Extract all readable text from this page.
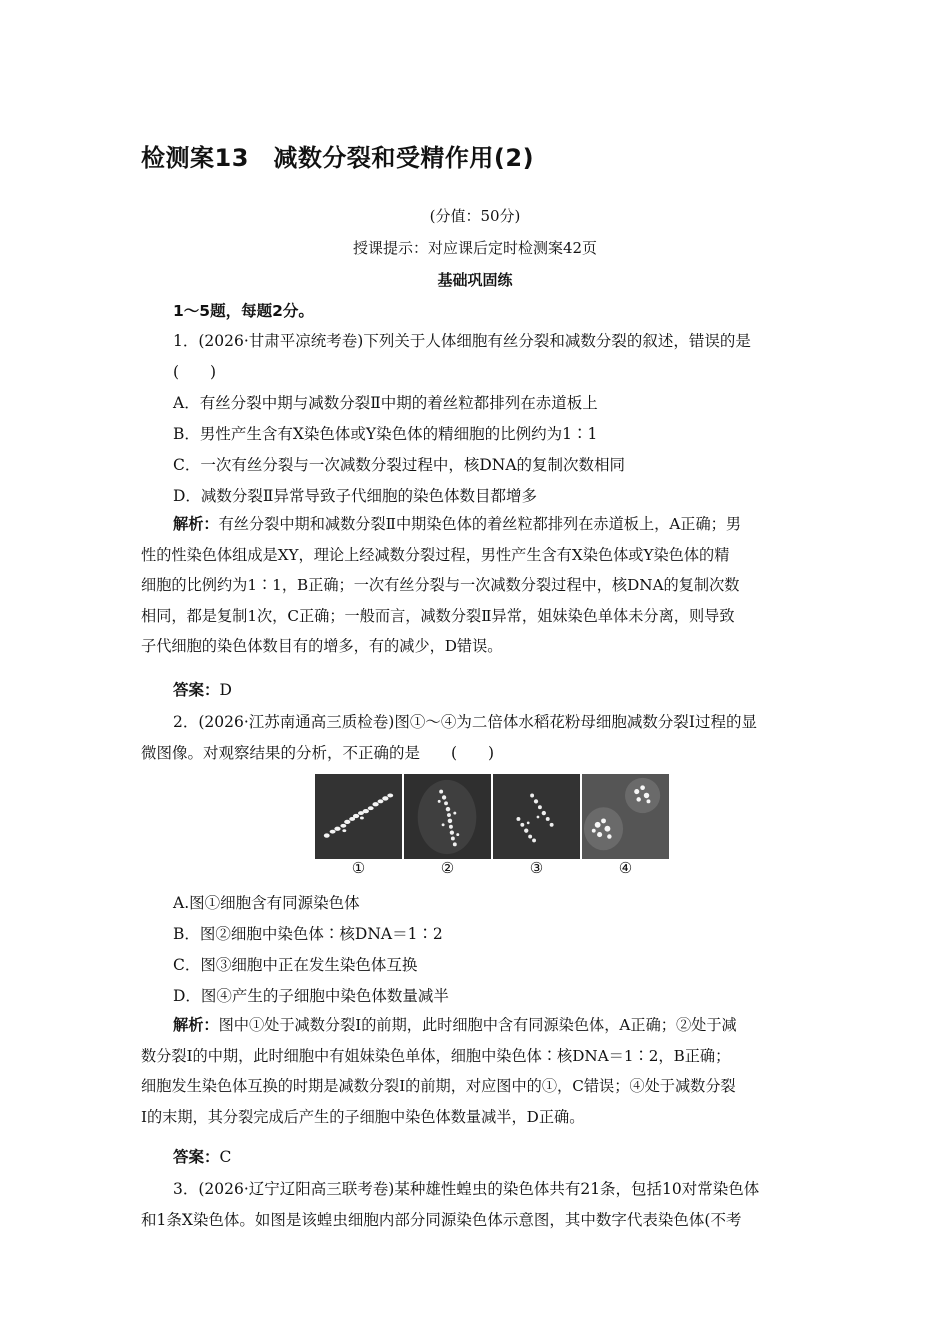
检测案13　减数分裂和受精作用(2)
(分值：50分)
授课提示：对应课后定时检测案42页
基础巩固练
1～5题，每题2分。
1．(2026·甘肃平凉统考卷)下列关于人体细胞有丝分裂和减数分裂的叙述，错误的是
(　　)
A．有丝分裂中期与减数分裂Ⅱ中期的着丝粒都排列在赤道板上
B．男性产生含有X染色体或Y染色体的精细胞的比例约为1∶1
C．一次有丝分裂与一次减数分裂过程中，核DNA的复制次数相同
D．减数分裂Ⅱ异常导致子代细胞的染色体数目都增多
解析：有丝分裂中期和减数分裂Ⅱ中期染色体的着丝粒都排列在赤道板上，A正确；男
性的性染色体组成是XY，理论上经减数分裂过程，男性产生含有X染色体或Y染色体的精
细胞的比例约为1∶1，B正确；一次有丝分裂与一次减数分裂过程中，核DNA的复制次数
相同，都是复制1次，C正确；一般而言，减数分裂Ⅱ异常，姐妹染色单体未分离，则导致
子代细胞的染色体数目有的增多，有的减少，D错误。
答案：D
2．(2026·江苏南通高三质检卷)图①～④为二倍体水稻花粉母细胞减数分裂Ⅰ过程的显
微图像。对观察结果的分析，不正确的是　　(　　)
①	②	③	④
A.图①细胞含有同源染色体
B．图②细胞中染色体∶核DNA＝1∶2
C．图③细胞中正在发生染色体互换
D．图④产生的子细胞中染色体数量减半
解析：图中①处于减数分裂Ⅰ的前期，此时细胞中含有同源染色体，A正确；②处于减
数分裂Ⅰ的中期，此时细胞中有姐妹染色单体，细胞中染色体∶核DNA＝1∶2，B正确；
细胞发生染色体互换的时期是减数分裂Ⅰ的前期，对应图中的①，C错误；④处于减数分裂
Ⅰ的末期，其分裂完成后产生的子细胞中染色体数量减半，D正确。
答案：C
3．(2026·辽宁辽阳高三联考卷)某种雄性蝗虫的染色体共有21条，包括10对常染色体
和1条X染色体。如图是该蝗虫细胞内部分同源染色体示意图，其中数字代表染色体(不考
